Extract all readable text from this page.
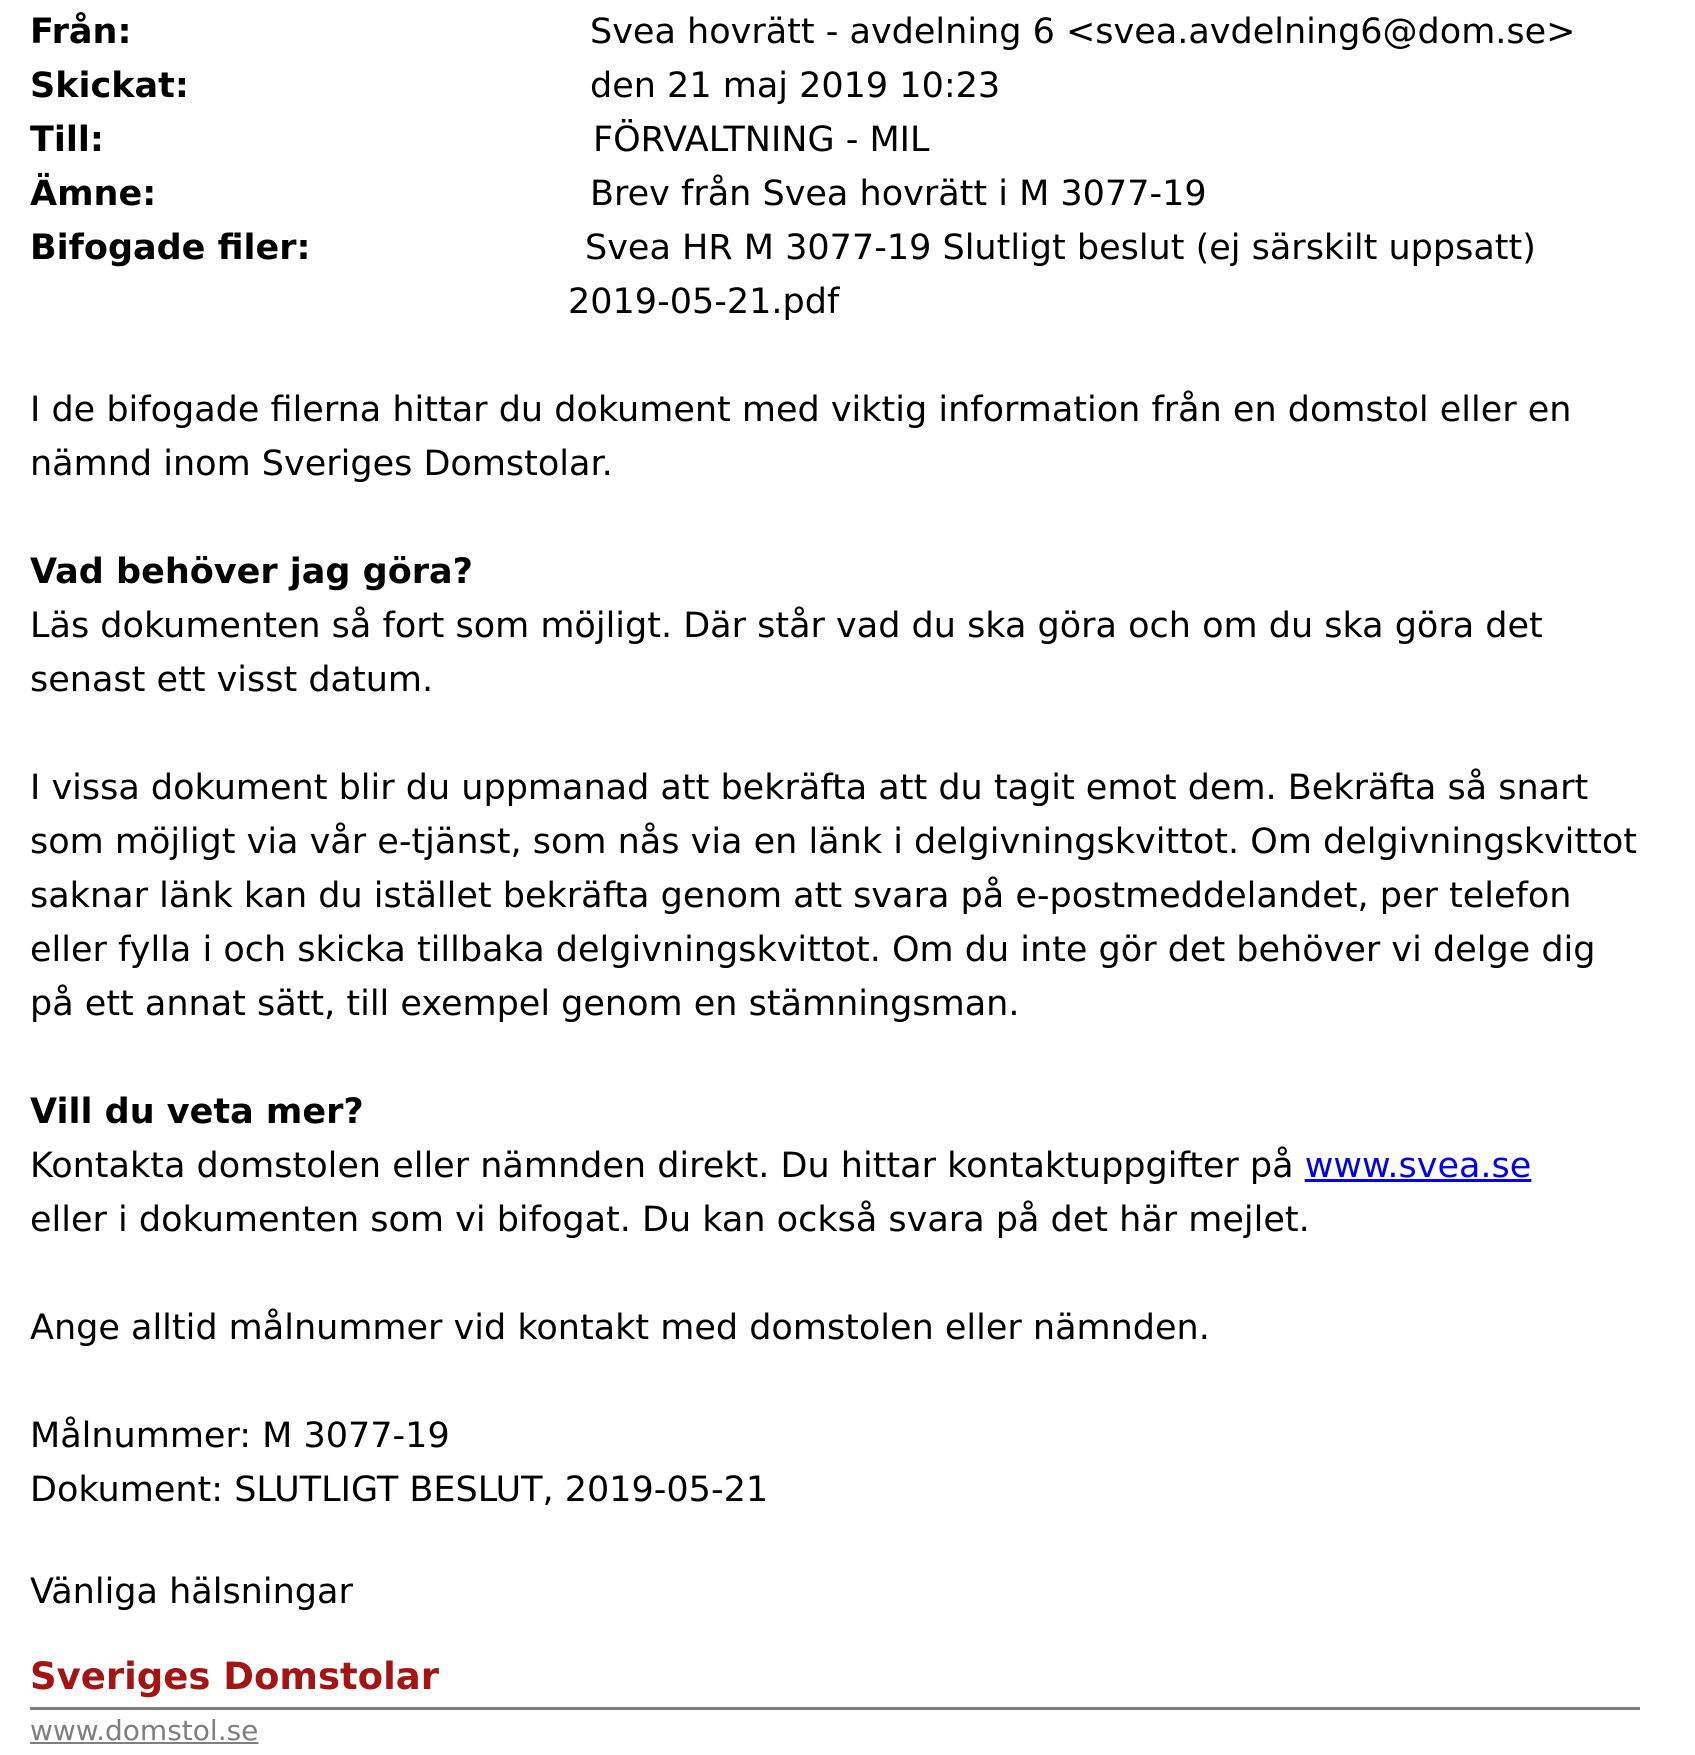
Från:	Svea hovrätt - avdelning 6 <svea.avdelning6@dom.se>
Skickat:	den 21 maj 2019 10:23
Till:	FÖRVALTNING - MIL
Ämne:	Brev från Svea hovrätt i M 3077-19
Bifogade filer:	Svea HR M 3077-19 Slutligt beslut (ej särskilt uppsatt)
2019-05-21.pdf
I de bifogade filerna hittar du dokument med viktig information från en domstol eller en
nämnd inom Sveriges Domstolar.
Vad behöver jag göra?
Läs dokumenten så fort som möjligt. Där står vad du ska göra och om du ska göra det
senast ett visst datum.
I vissa dokument blir du uppmanad att bekräfta att du tagit emot dem. Bekräfta så snart
som möjligt via vår e-tjänst, som nås via en länk i delgivningskvittot. Om delgivningskvittot
saknar länk kan du istället bekräfta genom att svara på e-postmeddelandet, per telefon
eller fylla i och skicka tillbaka delgivningskvittot. Om du inte gör det behöver vi delge dig
på ett annat sätt, till exempel genom en stämningsman.
Vill du veta mer?
Kontakta domstolen eller nämnden direkt. Du hittar kontaktuppgifter på www.svea.se
eller i dokumenten som vi bifogat. Du kan också svara på det här mejlet.
Ange alltid målnummer vid kontakt med domstolen eller nämnden.
Målnummer: M 3077-19
Dokument: SLUTLIGT BESLUT, 2019-05-21
Vänliga hälsningar
Sveriges Domstolar
www.domstol.se
